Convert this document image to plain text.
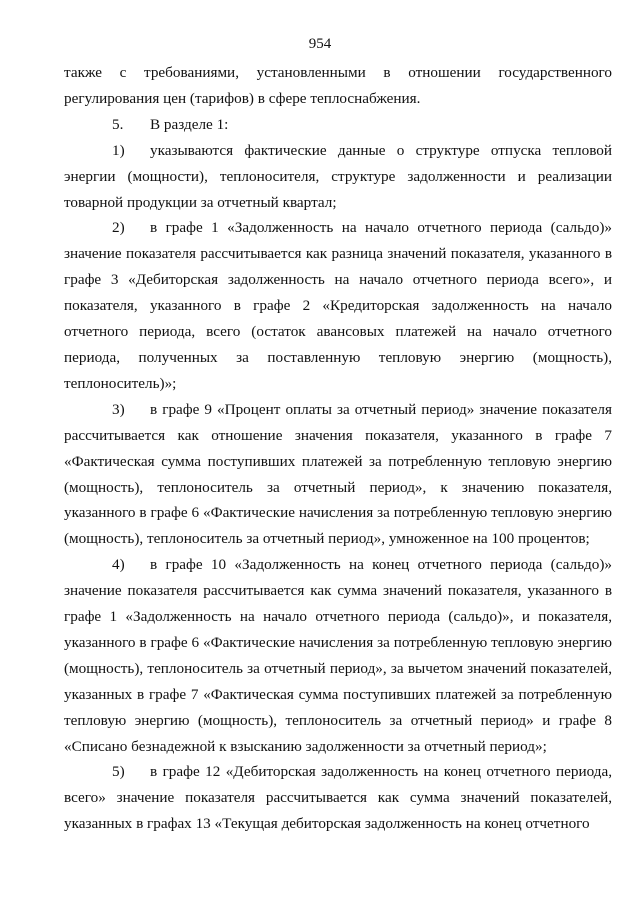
954

также с требованиями, установленными в отношении государственного регулирования цен (тарифов) в сфере теплоснабжения.

5. В разделе 1:

1) указываются фактические данные о структуре отпуска тепловой энергии (мощности), теплоносителя, структуре задолженности и реализации товарной продукции за отчетный квартал;

2) в графе 1 «Задолженность на начало отчетного периода (сальдо)» значение показателя рассчитывается как разница значений показателя, указанного в графе 3 «Дебиторская задолженность на начало отчетного периода всего», и показателя, указанного в графе 2 «Кредиторская задолженность на начало отчетного периода, всего (остаток авансовых платежей на начало отчетного периода, полученных за поставленную тепловую энергию (мощность), теплоноситель)»;

3) в графе 9 «Процент оплаты за отчетный период» значение показателя рассчитывается как отношение значения показателя, указанного в графе 7 «Фактическая сумма поступивших платежей за потребленную тепловую энергию (мощность), теплоноситель за отчетный период», к значению показателя, указанного в графе 6 «Фактические начисления за потребленную тепловую энергию (мощность), теплоноситель за отчетный период», умноженное на 100 процентов;

4) в графе 10 «Задолженность на конец отчетного периода (сальдо)» значение показателя рассчитывается как сумма значений показателя, указанного в графе 1 «Задолженность на начало отчетного периода (сальдо)», и показателя, указанного в графе 6 «Фактические начисления за потребленную тепловую энергию (мощность), теплоноситель за отчетный период», за вычетом значений показателей, указанных в графе 7 «Фактическая сумма поступивших платежей за потребленную тепловую энергию (мощность), теплоноситель за отчетный период» и графе 8 «Списано безнадежной к взысканию задолженности за отчетный период»;

5) в графе 12 «Дебиторская задолженность на конец отчетного периода, всего» значение показателя рассчитывается как сумма значений показателей, указанных в графах 13 «Текущая дебиторская задолженность на конец отчетного
